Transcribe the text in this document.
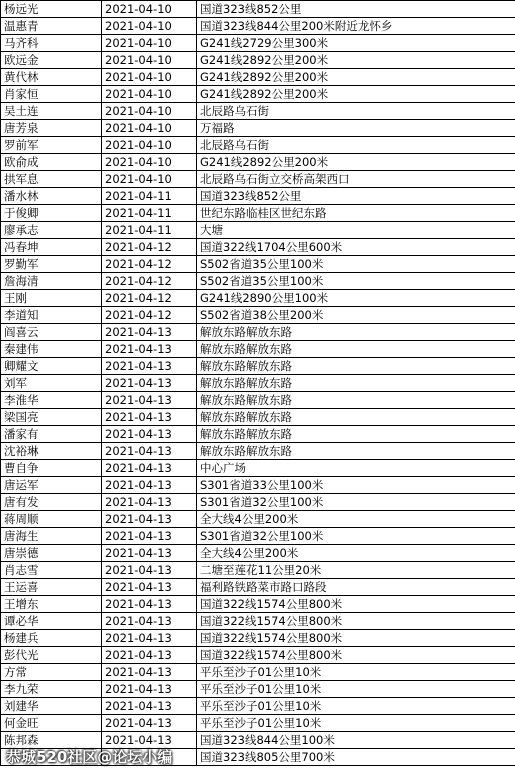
杨远光	2021-04-10	国道323线852公里
温惠青	2021-04-10	国道323线844公里200米附近龙怀乡
马齐科	2021-04-10	G241线2729公里300米
欧远金	2021-04-10	G241线2892公里200米
黄代林	2021-04-10	G241线2892公里200米
肖家恒	2021-04-10	G241线2892公里200米
吴土连	2021-04-10	北辰路乌石街
唐芳泉	2021-04-10	万福路
罗前军	2021-04-10	北辰路乌石街
欧俞成	2021-04-10	G241线2892公里200米
拱军息	2021-04-10	北辰路乌石街立交桥高架西口
潘水林	2021-04-11	国道323线852公里
于俊卿	2021-04-11	世纪东路临桂区世纪东路
廖承志	2021-04-11	大塘
冯春坤	2021-04-12	国道322线1704公里600米
罗勤军	2021-04-12	S502省道35公里100米
詹海清	2021-04-12	S502省道35公里100米
王刚	2021-04-12	G241线2890公里100米
李道知	2021-04-12	S502省道38公里200米
阎喜云	2021-04-13	解放东路解放东路
秦建伟	2021-04-13	解放东路解放东路
卿耀文	2021-04-13	解放东路解放东路
刘军	2021-04-13	解放东路解放东路
李淮华	2021-04-13	解放东路解放东路
梁国亮	2021-04-13	解放东路解放东路
潘家有	2021-04-13	解放东路解放东路
沈裕琳	2021-04-13	解放东路解放东路
曹自争	2021-04-13	中心广场
唐运军	2021-04-13	S301省道33公里100米
唐有发	2021-04-13	S301省道32公里100米
蒋周顺	2021-04-13	全大线4公里200米
唐海生	2021-04-13	S301省道32公里100米
唐崇德	2021-04-13	全大线4公里200米
肖志雪	2021-04-13	二塘至莲花11公里20米
王运喜	2021-04-13	福利路铁路菜市路口路段
王增东	2021-04-13	国道322线1574公里800米
谭必华	2021-04-13	国道322线1574公里800米
杨建兵	2021-04-13	国道322线1574公里800米
彭代光	2021-04-13	国道322线1574公里800米
方常	2021-04-13	平乐至沙子01公里10米
李九荣	2021-04-13	平乐至沙子01公里10米
刘建华	2021-04-13	平乐至沙子01公里10米
何金旺	2021-04-13	平乐至沙子01公里10米
陈邦森	2021-04-13	国道323线844公里100米
		国道323线805公里700米
恭城520社区@论坛小编
